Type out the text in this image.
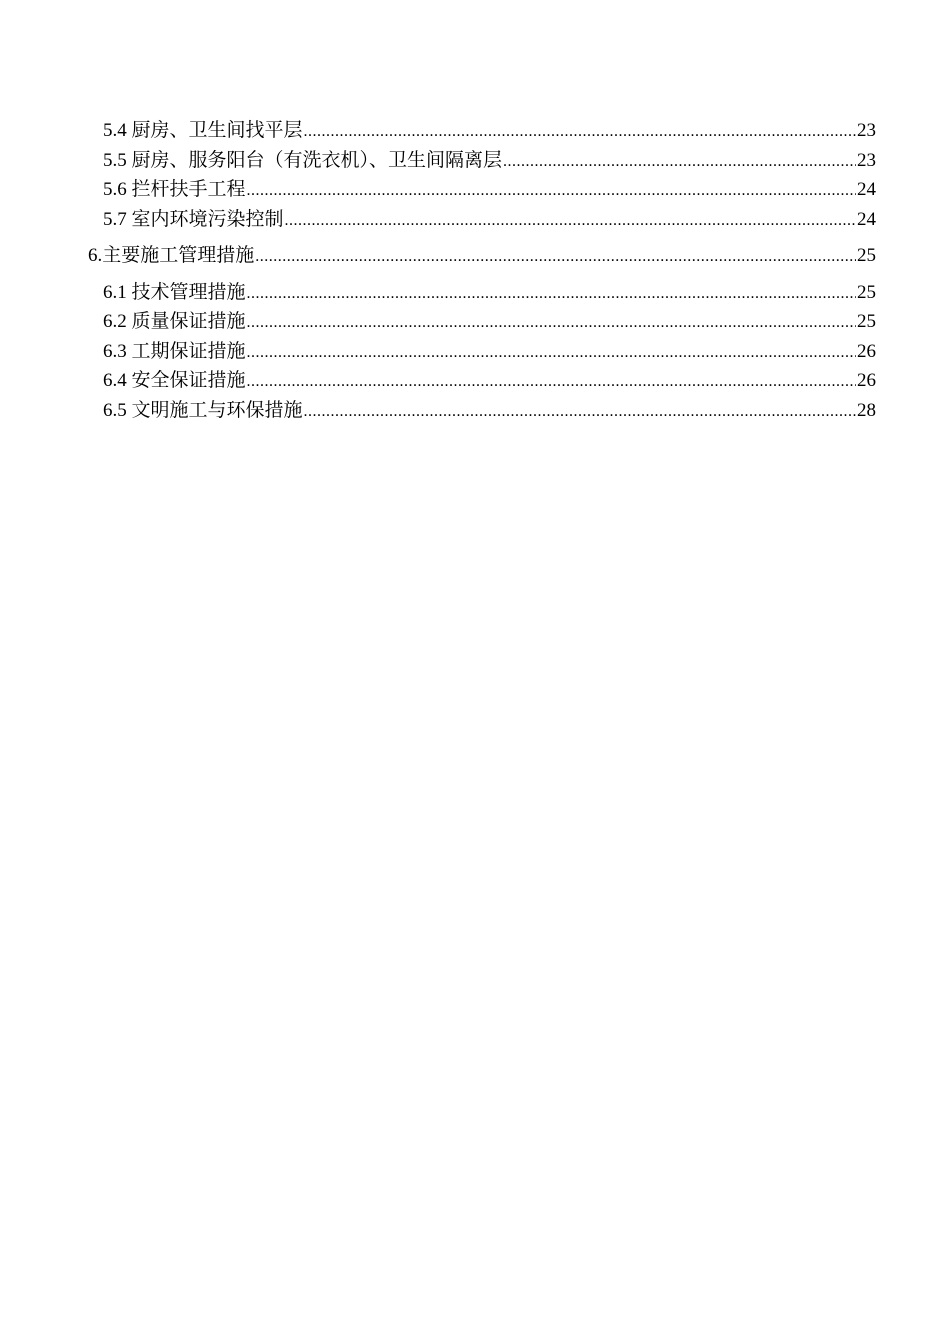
5.4 厨房、卫生间找平层 .....	23
5.5 厨房、服务阳台（有洗衣机）、卫生间隔离层 .....	23
5.6 拦杆扶手工程 .....	24
5.7 室内环境污染控制 .....	24
6.主要施工管理措施 .....	25
6.1 技术管理措施 .....	25
6.2 质量保证措施 .....	25
6.3 工期保证措施 .....	26
6.4 安全保证措施 .....	26
6.5 文明施工与环保措施 .....	28
